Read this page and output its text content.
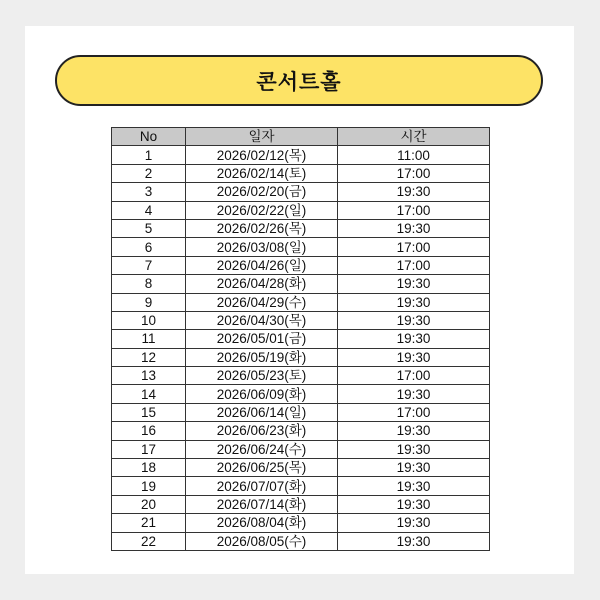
콘서트홀
No	일자	시간
1	2026/02/12(목)	11:00
2	2026/02/14(토)	17:00
3	2026/02/20(금)	19:30
4	2026/02/22(일)	17:00
5	2026/02/26(목)	19:30
6	2026/03/08(일)	17:00
7	2026/04/26(일)	17:00
8	2026/04/28(화)	19:30
9	2026/04/29(수)	19:30
10	2026/04/30(목)	19:30
11	2026/05/01(금)	19:30
12	2026/05/19(화)	19:30
13	2026/05/23(토)	17:00
14	2026/06/09(화)	19:30
15	2026/06/14(일)	17:00
16	2026/06/23(화)	19:30
17	2026/06/24(수)	19:30
18	2026/06/25(목)	19:30
19	2026/07/07(화)	19:30
20	2026/07/14(화)	19:30
21	2026/08/04(화)	19:30
22	2026/08/05(수)	19:30
